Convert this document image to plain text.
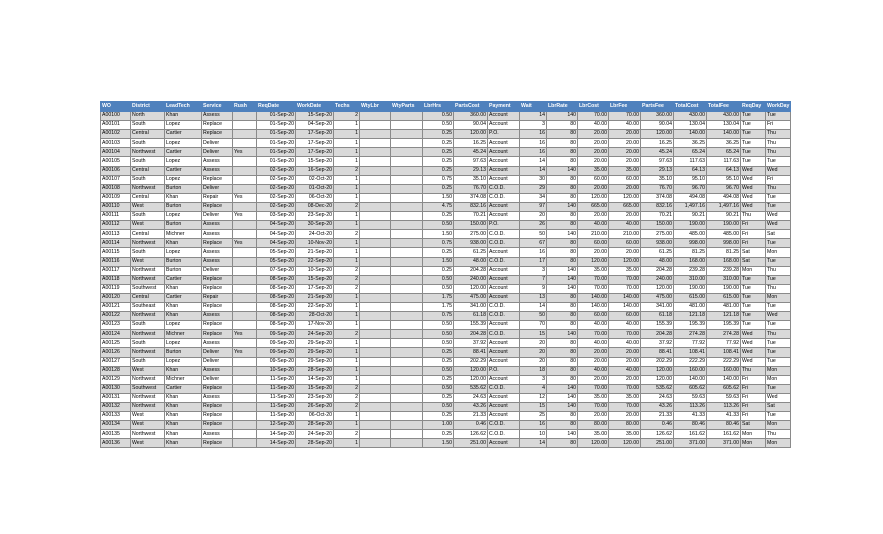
WO	District	LeadTech	Service	Rush	ReqDate	WorkDate	Techs	WtyLbr	WtyParts	LbrHrs	PartsCost	Payment	Wait	LbrRate	LbrCost	LbrFee	PartsFee	TotalCost	TotalFee	ReqDay	WorkDay
A00100	North	Khan	Assess		01-Sep-20	15-Sep-20	2			0.50	360.00	Account	14	140	70.00	70.00	360.00	430.00	430.00	Tue	Tue
A00101	South	Lopez	Replace		01-Sep-20	04-Sep-20	1			0.50	90.04	Account	3	80	40.00	40.00	90.04	130.04	130.04	Tue	Fri
A00102	Central	Cartier	Replace		01-Sep-20	17-Sep-20	1			0.25	120.00	P.O.	16	80	20.00	20.00	120.00	140.00	140.00	Tue	Thu
A00103	South	Lopez	Deliver		01-Sep-20	17-Sep-20	1			0.25	16.25	Account	16	80	20.00	20.00	16.25	36.25	36.25	Tue	Thu
A00104	Northwest	Cartier	Deliver	Yes	01-Sep-20	17-Sep-20	1			0.25	45.24	Account	16	80	20.00	20.00	45.24	65.24	65.24	Tue	Thu
A00105	South	Lopez	Assess		01-Sep-20	15-Sep-20	1			0.25	97.63	Account	14	80	20.00	20.00	97.63	117.63	117.63	Tue	Tue
A00106	Central	Cartier	Assess		02-Sep-20	16-Sep-20	2			0.25	29.13	Account	14	140	35.00	35.00	29.13	64.13	64.13	Wed	Wed
A00107	South	Lopez	Replace		02-Sep-20	02-Oct-20	1			0.75	35.10	Account	30	80	60.00	60.00	35.10	95.10	95.10	Wed	Fri
A00108	Northwest	Burton	Deliver		02-Sep-20	01-Oct-20	1			0.25	76.70	C.O.D.	29	80	20.00	20.00	76.70	96.70	96.70	Wed	Thu
A00109	Central	Khan	Repair	Yes	02-Sep-20	06-Oct-20	1			1.50	374.08	C.O.D.	34	80	120.00	120.00	374.08	494.08	494.08	Wed	Tue
A00110	West	Burton	Replace		02-Sep-20	08-Dec-20	2			4.75	832.16	Account	97	140	665.00	665.00	832.16	1,497.16	1,497.16	Wed	Tue
A00111	South	Lopez	Deliver	Yes	03-Sep-20	23-Sep-20	1			0.25	70.21	Account	20	80	20.00	20.00	70.21	90.21	90.21	Thu	Wed
A00112	West	Burton	Assess		04-Sep-20	30-Sep-20	1			0.50	150.00	P.O.	26	80	40.00	40.00	150.00	190.00	190.00	Fri	Wed
A00113	Central	Michner	Assess		04-Sep-20	24-Oct-20	2			1.50	275.00	C.O.D.	50	140	210.00	210.00	275.00	485.00	485.00	Fri	Sat
A00114	Northwest	Khan	Replace	Yes	04-Sep-20	10-Nov-20	1			0.75	938.00	C.O.D.	67	80	60.00	60.00	938.00	998.00	998.00	Fri	Tue
A00115	South	Lopez	Assess		05-Sep-20	21-Sep-20	1			0.25	61.25	Account	16	80	20.00	20.00	61.25	81.25	81.25	Sat	Mon
A00116	West	Burton	Assess		05-Sep-20	22-Sep-20	1			1.50	48.00	C.O.D.	17	80	120.00	120.00	48.00	168.00	168.00	Sat	Tue
A00117	Northwest	Burton	Deliver		07-Sep-20	10-Sep-20	2			0.25	204.28	Account	3	140	35.00	35.00	204.28	239.28	239.28	Mon	Thu
A00118	Northwest	Cartier	Replace		08-Sep-20	15-Sep-20	2			0.50	240.00	Account	7	140	70.00	70.00	240.00	310.00	310.00	Tue	Tue
A00119	Southwest	Khan	Replace		08-Sep-20	17-Sep-20	2			0.50	120.00	Account	9	140	70.00	70.00	120.00	190.00	190.00	Tue	Thu
A00120	Central	Cartier	Repair		08-Sep-20	21-Sep-20	1			1.75	475.00	Account	13	80	140.00	140.00	475.00	615.00	615.00	Tue	Mon
A00121	Southeast	Khan	Replace		08-Sep-20	22-Sep-20	1			1.75	341.00	C.O.D.	14	80	140.00	140.00	341.00	481.00	481.00	Tue	Tue
A00122	Northwest	Khan	Assess		08-Sep-20	28-Oct-20	1			0.75	61.18	C.O.D.	50	80	60.00	60.00	61.18	121.18	121.18	Tue	Wed
A00123	South	Lopez	Replace		08-Sep-20	17-Nov-20	1			0.50	155.39	Account	70	80	40.00	40.00	155.39	195.39	195.39	Tue	Tue
A00124	Northwest	Michner	Replace	Yes	09-Sep-20	24-Sep-20	2			0.50	204.28	C.O.D.	15	140	70.00	70.00	204.28	274.28	274.28	Wed	Thu
A00125	South	Lopez	Assess		09-Sep-20	29-Sep-20	1			0.50	37.92	Account	20	80	40.00	40.00	37.92	77.92	77.92	Wed	Tue
A00126	Northwest	Burton	Deliver	Yes	09-Sep-20	29-Sep-20	1			0.25	88.41	Account	20	80	20.00	20.00	88.41	108.41	108.41	Wed	Tue
A00127	South	Lopez	Deliver		09-Sep-20	29-Sep-20	1			0.25	202.29	Account	20	80	20.00	20.00	202.29	222.29	222.29	Wed	Tue
A00128	West	Khan	Assess		10-Sep-20	28-Sep-20	1			0.50	120.00	P.O.	18	80	40.00	40.00	120.00	160.00	160.00	Thu	Mon
A00129	Northwest	Michner	Deliver		11-Sep-20	14-Sep-20	1			0.25	120.00	Account	3	80	20.00	20.00	120.00	140.00	140.00	Fri	Mon
A00130	Southwest	Cartier	Replace		11-Sep-20	15-Sep-20	2			0.50	535.62	C.O.D.	4	140	70.00	70.00	535.62	605.62	605.62	Fri	Tue
A00131	Northwest	Khan	Assess		11-Sep-20	23-Sep-20	2			0.25	24.63	Account	12	140	35.00	35.00	24.63	59.63	59.63	Fri	Wed
A00132	Northwest	Khan	Replace		11-Sep-20	26-Sep-20	2			0.50	43.26	Account	15	140	70.00	70.00	43.26	113.26	113.26	Fri	Sat
A00133	West	Khan	Replace		11-Sep-20	06-Oct-20	1			0.25	21.33	Account	25	80	20.00	20.00	21.33	41.33	41.33	Fri	Tue
A00134	West	Khan	Replace		12-Sep-20	28-Sep-20	1			1.00	0.46	C.O.D.	16	80	80.00	80.00	0.46	80.46	80.46	Sat	Mon
A00135	Northwest	Khan	Assess		14-Sep-20	24-Sep-20	2			0.25	126.62	C.O.D.	10	140	35.00	35.00	126.62	161.62	161.62	Mon	Thu
A00136	West	Khan	Replace		14-Sep-20	28-Sep-20	1			1.50	251.00	Account	14	80	120.00	120.00	251.00	371.00	371.00	Mon	Mon
